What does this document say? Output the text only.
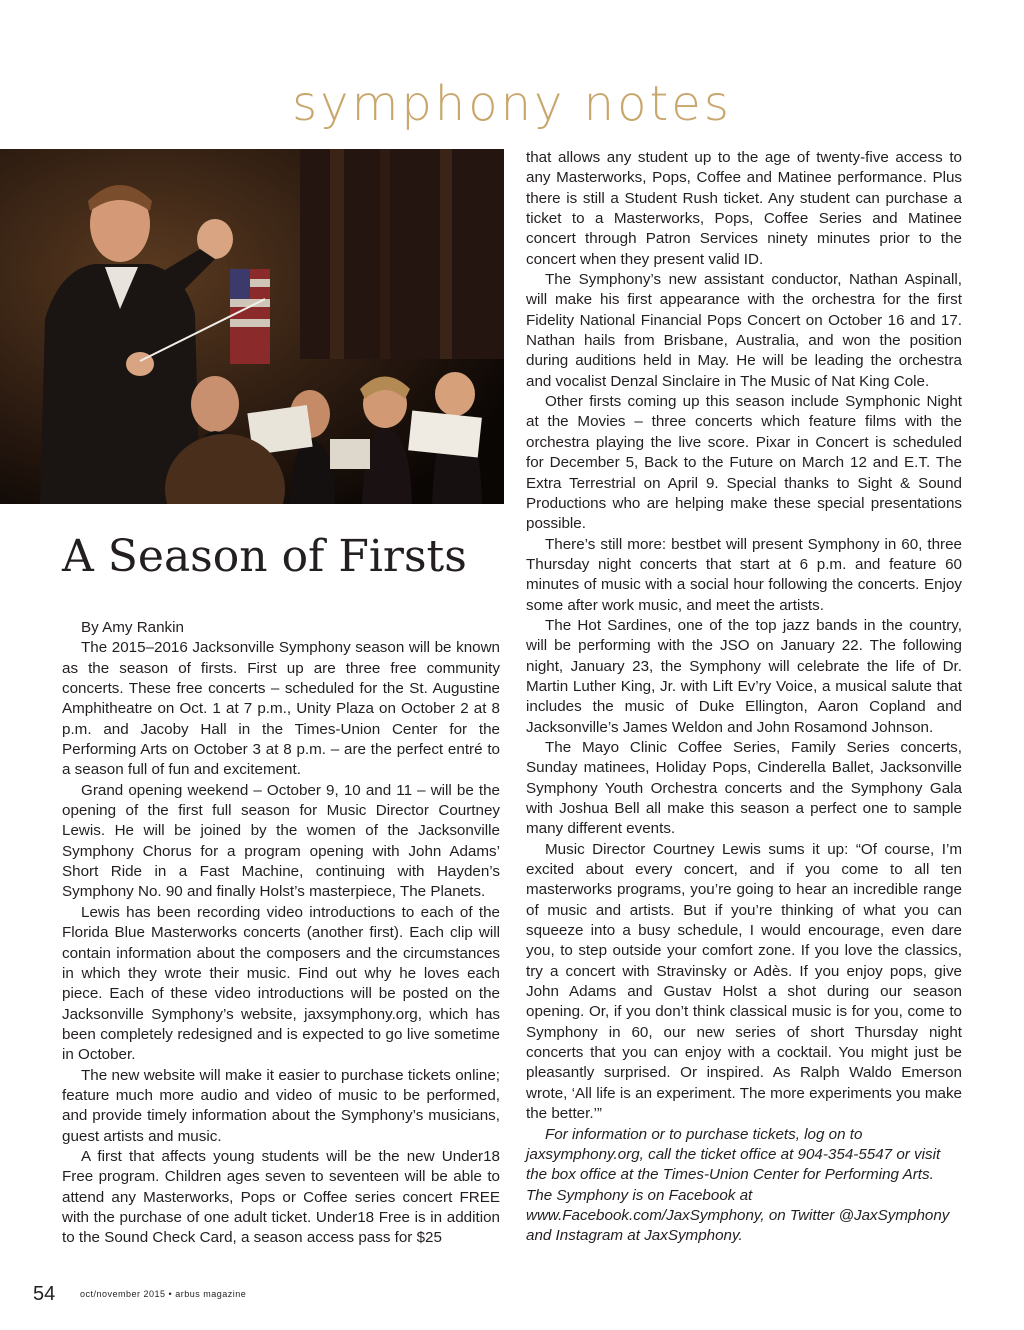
symphony notes
A Season of Firsts

By Amy Rankin

The 2015–2016 Jacksonville Symphony season will be known as the season of firsts. First up are three free community concerts. These free concerts – scheduled for the St. Augustine Amphitheatre on Oct. 1 at 7 p.m., Unity Plaza on October 2 at 8 p.m. and Jacoby Hall in the Times-Union Center for the Performing Arts on October 3 at 8 p.m. – are the perfect entré to a season full of fun and excitement.

Grand opening weekend – October 9, 10 and 11 – will be the opening of the first full season for Music Director Courtney Lewis. He will be joined by the women of the Jacksonville Symphony Chorus for a program opening with John Adams’ Short Ride in a Fast Machine, continuing with Hayden’s Symphony No. 90 and finally Holst’s masterpiece, The Planets.

Lewis has been recording video introductions to each of the Florida Blue Masterworks concerts (another first). Each clip will contain information about the composers and the circumstances in which they wrote their music. Find out why he loves each piece. Each of these video introductions will be posted on the Jacksonville Symphony’s website, jaxsymphony.org, which has been completely redesigned and is expected to go live sometime in October.

The new website will make it easier to purchase tickets online; feature much more audio and video of music to be performed, and provide timely information about the Symphony’s musicians, guest artists and music.

A first that affects young students will be the new Under18 Free program. Children ages seven to seventeen will be able to attend any Masterworks, Pops or Coffee series concert FREE with the purchase of one adult ticket. Under18 Free is in addition to the Sound Check Card, a season access pass for $25

that allows any student up to the age of twenty-five access to any Masterworks, Pops, Coffee and Matinee performance. Plus there is still a Student Rush ticket. Any student can purchase a ticket to a Masterworks, Pops, Coffee Series and Matinee concert through Patron Services ninety minutes prior to the concert when they present valid ID.

The Symphony’s new assistant conductor, Nathan Aspinall, will make his first appearance with the orchestra for the first Fidelity National Financial Pops Concert on October 16 and 17. Nathan hails from Brisbane, Australia, and won the position during auditions held in May. He will be leading the orchestra and vocalist Denzal Sinclaire in The Music of Nat King Cole.

Other firsts coming up this season include Symphonic Night at the Movies – three concerts which feature films with the orchestra playing the live score. Pixar in Concert is scheduled for December 5, Back to the Future on March 12 and E.T. The Extra Terrestrial on April 9. Special thanks to Sight & Sound Productions who are helping make these special presentations possible.

There’s still more: bestbet will present Symphony in 60, three Thursday night concerts that start at 6 p.m. and feature 60 minutes of music with a social hour following the concerts. Enjoy some after work music, and meet the artists.

The Hot Sardines, one of the top jazz bands in the country, will be performing with the JSO on January 22. The following night, January 23, the Symphony will celebrate the life of Dr. Martin Luther King, Jr. with Lift Ev’ry Voice, a musical salute that includes the music of Duke Ellington, Aaron Copland and Jacksonville’s James Weldon and John Rosamond Johnson.

The Mayo Clinic Coffee Series, Family Series concerts, Sunday matinees, Holiday Pops, Cinderella Ballet, Jacksonville Symphony Youth Orchestra concerts and the Symphony Gala with Joshua Bell all make this season a perfect one to sample many different events.

Music Director Courtney Lewis sums it up: “Of course, I’m excited about every concert, and if you come to all ten masterworks programs, you’re going to hear an incredible range of music and artists. But if you’re thinking of what you can squeeze into a busy schedule, I would encourage, even dare you, to step outside your comfort zone. If you love the classics, try a concert with Stravinsky or Adès. If you enjoy pops, give John Adams and Gustav Holst a shot during our season opening. Or, if you don’t think classical music is for you, come to Symphony in 60, our new series of short Thursday night concerts that you can enjoy with a cocktail. You might just be pleasantly surprised. Or inspired. As Ralph Waldo Emerson wrote, ‘All life is an experiment. The more experiments you make the better.’”

For information or to purchase tickets, log on to jaxsymphony.org, call the ticket office at 904-354-5547 or visit the box office at the Times-Union Center for Performing Arts. The Symphony is on Facebook at www.Facebook.com/JaxSymphony, on Twitter @JaxSymphony and Instagram at JaxSymphony.

54	oct/november 2015 • arbus magazine
